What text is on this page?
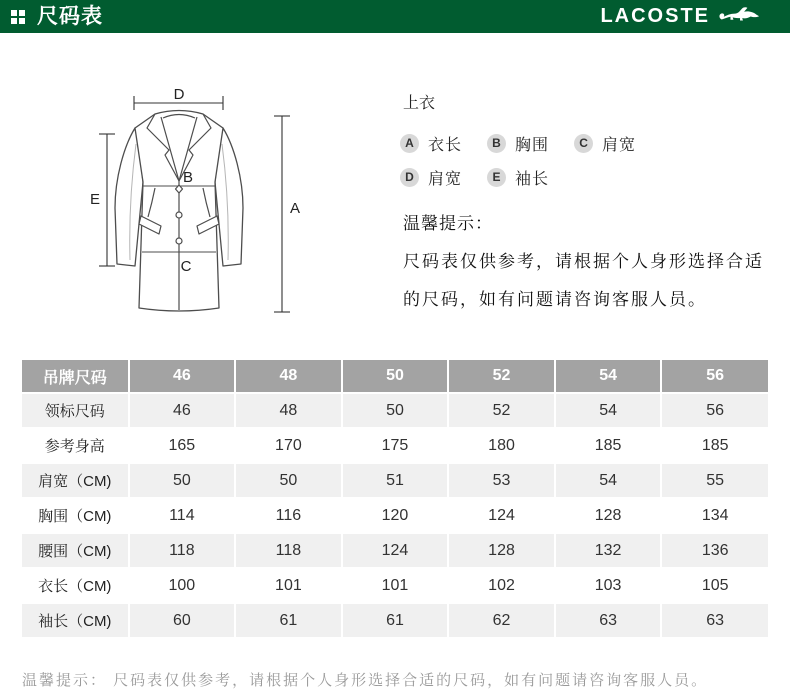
尺码表	LACOSTE
D
A
E
B
C
上衣
A 衣长	B 胸围	C 肩宽
D 肩宽	E 袖长
温馨提示：
尺码表仅供参考，请根据个人身形选择合适
的尺码，如有问题请咨询客服人员。
吊牌尺码	46	48	50	52	54	56
领标尺码	46	48	50	52	54	56
参考身高	165	170	175	180	185	185
肩宽（CM)	50	50	51	53	54	55
胸围（CM)	114	116	120	124	128	134
腰围（CM)	118	118	124	128	132	136
衣长（CM)	100	101	101	102	103	105
袖长（CM)	60	61	61	62	63	63
温馨提示： 尺码表仅供参考，请根据个人身形选择合适的尺码，如有问题请咨询客服人员。
